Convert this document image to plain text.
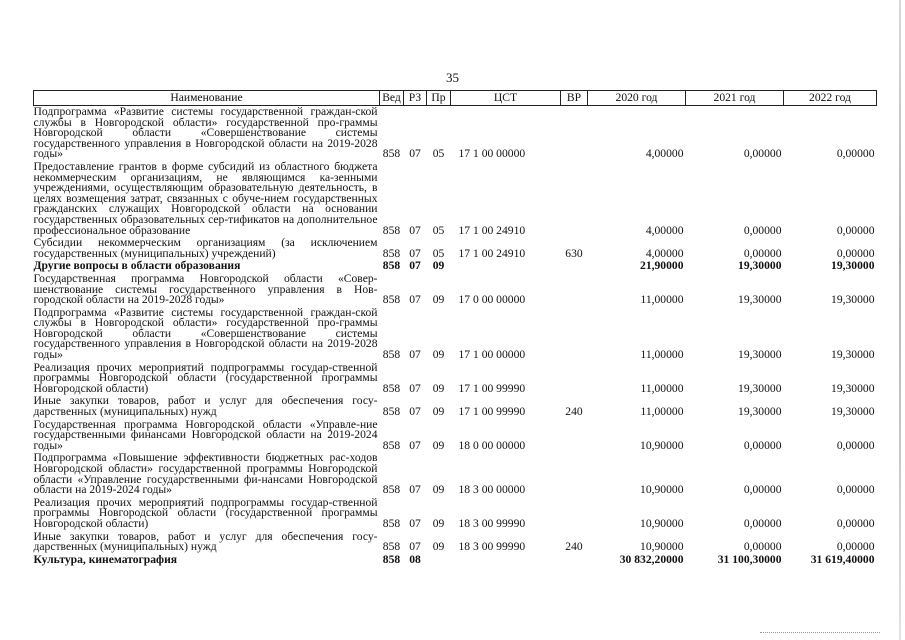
35
Наименование	Вед	РЗ	Пр	ЦСТ	ВР	2020 год	2021 год	2022 год
Подпрограмма «Развитие системы государственной граждан-ской службы в Новгородской области» государственной про-граммы Новгородской области «Совершенствование системы государственного управления в Новгородской области на 2019-2028 годы»	858	07	05	17 1 00 00000		4,00000	0,00000	0,00000
Предоставление грантов в форме субсидий из областного бюджета некоммерческим организациям, не являющимся ка-зенными учреждениями, осуществляющим образовательную деятельность, в целях возмещения затрат, связанных с обуче-нием государственных гражданских служащих Новгородской области на основании государственных образовательных сер-тификатов на дополнительное профессиональное образование	858	07	05	17 1 00 24910		4,00000	0,00000	0,00000
Субсидии некоммерческим организациям (за исключением государственных (муниципальных) учреждений)	858	07	05	17 1 00 24910	630	4,00000	0,00000	0,00000
Другие вопросы в области образования	858	07	09			21,90000	19,30000	19,30000
Государственная программа Новгородской области «Совер-шенствование системы государственного управления в Нов-городской области на 2019-2028 годы»	858	07	09	17 0 00 00000		11,00000	19,30000	19,30000
Подпрограмма «Развитие системы государственной граждан-ской службы в Новгородской области» государственной про-граммы Новгородской области «Совершенствование системы государственного управления в Новгородской области на 2019-2028 годы»	858	07	09	17 1 00 00000		11,00000	19,30000	19,30000
Реализация прочих мероприятий подпрограммы государ-ственной программы Новгородской области (государственной программы Новгородской области)	858	07	09	17 1 00 99990		11,00000	19,30000	19,30000
Иные закупки товаров, работ и услуг для обеспечения госу-дарственных (муниципальных) нужд	858	07	09	17 1 00 99990	240	11,00000	19,30000	19,30000
Государственная программа Новгородской области «Управле-ние государственными финансами Новгородской области на 2019-2024 годы»	858	07	09	18 0 00 00000		10,90000	0,00000	0,00000
Подпрограмма «Повышение эффективности бюджетных рас-ходов Новгородской области» государственной программы Новгородской области «Управление государственными фи-нансами Новгородской области на 2019-2024 годы»	858	07	09	18 3 00 00000		10,90000	0,00000	0,00000
Реализация прочих мероприятий подпрограммы государ-ственной программы Новгородской области (государственной программы Новгородской области)	858	07	09	18 3 00 99990		10,90000	0,00000	0,00000
Иные закупки товаров, работ и услуг для обеспечения госу-дарственных (муниципальных) нужд	858	07	09	18 3 00 99990	240	10,90000	0,00000	0,00000
Культура, кинематография	858	08				30 832,20000	31 100,30000	31 619,40000
